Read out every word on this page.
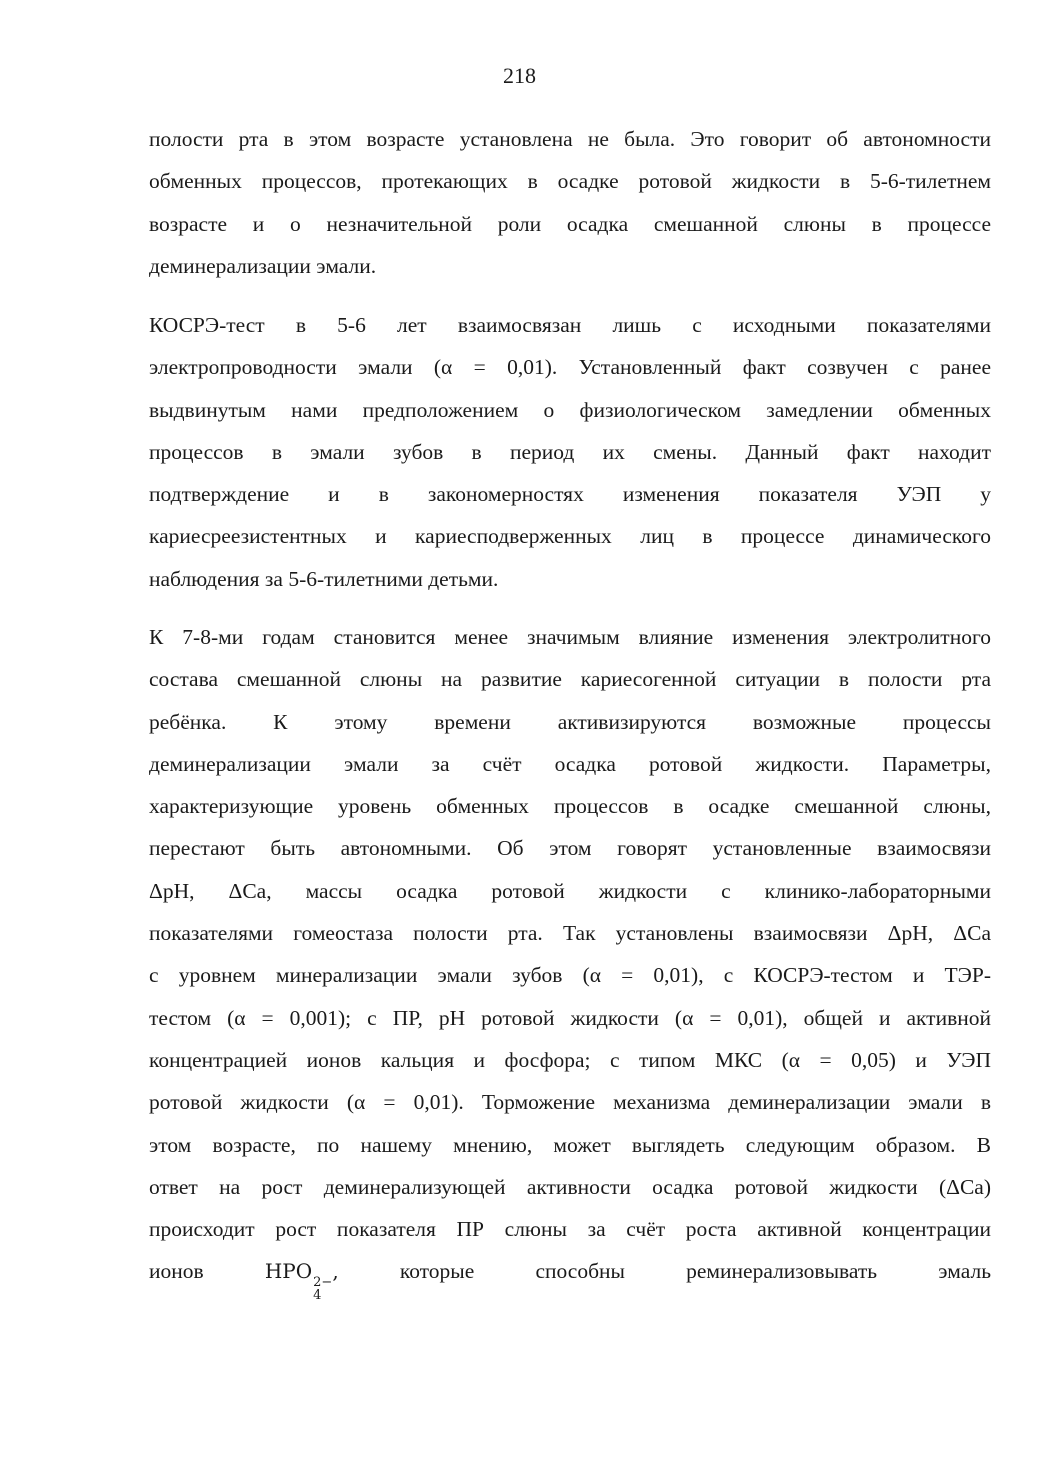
218
полости рта в этом возрасте установлена не была. Это говорит об автономности
обменных процессов, протекающих в осадке ротовой жидкости в 5-6-тилетнем
возрасте и о незначительной роли осадка смешанной слюны в процессе
деминерализации эмали.
КОСРЭ-тест в 5-6 лет взаимосвязан лишь с исходными показателями
электропроводности эмали (α = 0,01). Установленный факт созвучен с ранее
выдвинутым нами предположением о физиологическом замедлении обменных
процессов в эмали зубов в период их смены. Данный факт находит
подтверждение и в закономерностях изменения показателя УЭП у
кариесреезистентных и кариесподверженных лиц в процессе динамического
наблюдения за 5-6-тилетними детьми.
К 7-8-ми годам становится менее значимым влияние изменения электролитного
состава смешанной слюны на развитие кариесогенной ситуации в полости рта
ребёнка. К этому времени активизируются возможные процессы
деминерализации эмали за счёт осадка ротовой жидкости. Параметры,
характеризующие уровень обменных процессов в осадке смешанной слюны,
перестают быть автономными. Об этом говорят установленные взаимосвязи
ΔрН, ΔСа, массы осадка ротовой жидкости с клинико-лабораторными
показателями гомеостаза полости рта. Так установлены взаимосвязи ΔрН, ΔСа
с уровнем минерализации эмали зубов (α = 0,01), с КОСРЭ-тестом и ТЭР-
тестом (α = 0,001); с ПР, рН ротовой жидкости (α = 0,01), общей и активной
концентрацией ионов кальция и фосфора; с типом МКС (α = 0,05) и УЭП
ротовой жидкости (α = 0,01). Торможение механизма деминерализации эмали в
этом возрасте, по нашему мнению, может выглядеть следующим образом. В
ответ на рост деминерализующей активности осадка ротовой жидкости (ΔСа)
происходит рост показателя ПР слюны за счёт роста активной концентрации
ионов	HPO 2−
4
,	которые	способны	реминерализовывать	эмаль
